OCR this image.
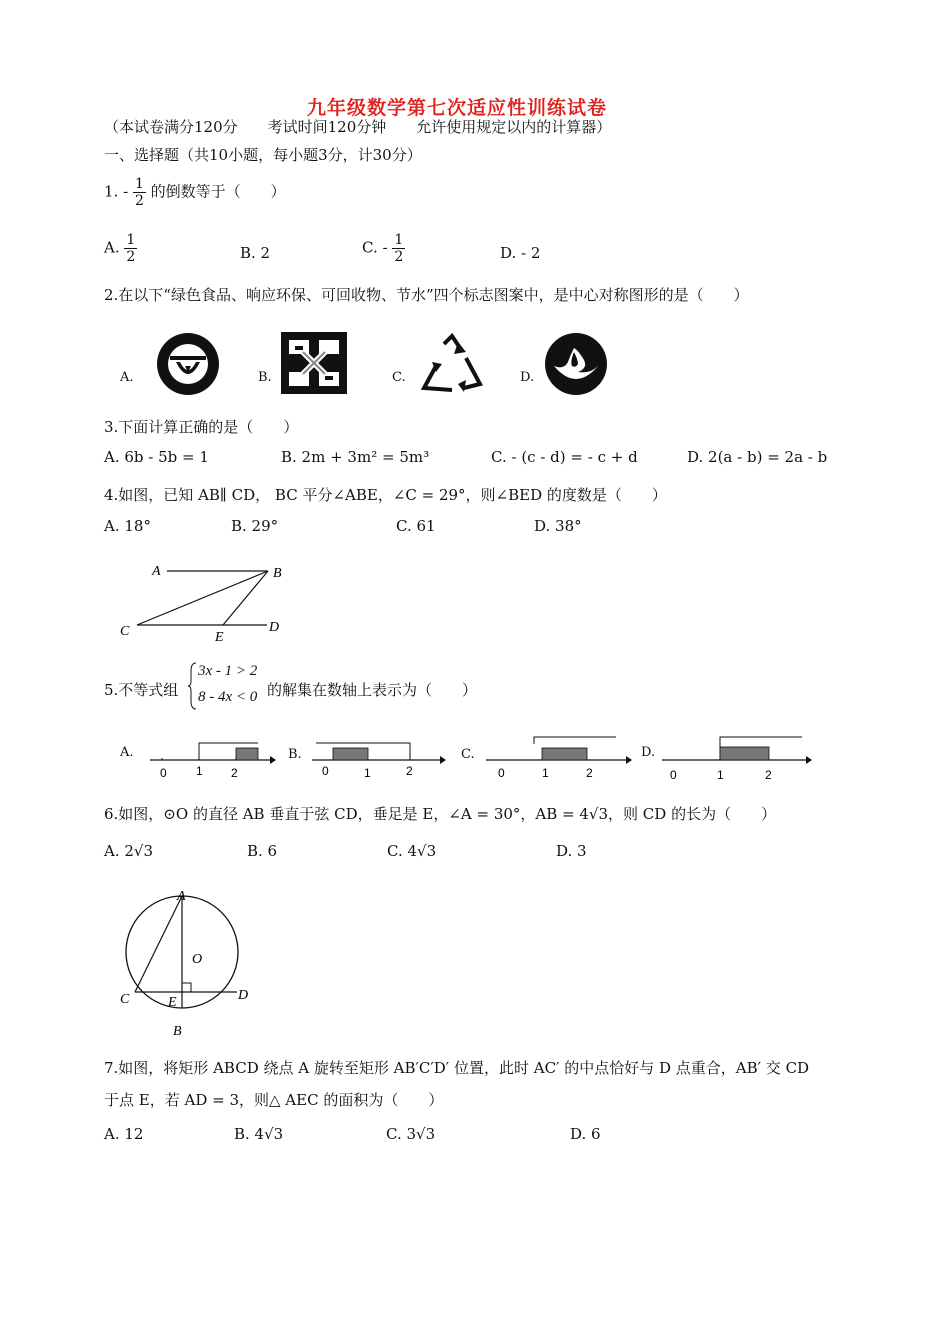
九年级数学第七次适应性训练试卷
（本试卷满分120分　　考试时间120分钟　　允许使用规定以内的计算器）
一、选择题（共10小题，每小题3分，计30分）
1. - $\frac{1}{2}$ 的倒数等于（　　）
A. $\frac{1}{2}$	B. 2	C. - $\frac{1}{2}$	D. - 2
2.在以下“绿色食品、响应环保、可回收物、节水”四个标志图案中，是中心对称图形的是（　　）
A.	B.	C.	D.
3.下面计算正确的是（　　）
A. 6b - 5b = 1	B. 2m + 3m² = 5m³	C. - (c - d) = - c + d	D. 2(a - b) = 2a - b
4.如图，已知 AB∥ CD， BC 平分∠ABE，∠C = 29°，则∠BED 的度数是（　　）
A. 18°	B. 29°	C. 61	D. 38°
A	B
C	E
D
5.不等式组
3x - 1 > 2
8 - 4x < 0 的解集在数轴上表示为（　　）
A.	B.	C.	D.
0 1 2	0	1	2	0	1	2	0	1	2
6.如图，⊙O 的直径 AB 垂直于弦 CD，垂足是 E，∠A = 30°，AB = 4√3，则 CD 的长为（　　）
A. 2√3	B. 6	C. 4√3	D. 3
A
O
C	E	D
B
7.如图，将矩形 ABCD 绕点 A 旋转至矩形 AB′C′D′ 位置，此时 AC′ 的中点恰好与 D 点重合，AB′ 交 CD
于点 E，若 AD = 3，则△ AEC 的面积为（　　）
A. 12	B. 4√3	C. 3√3	D. 6
